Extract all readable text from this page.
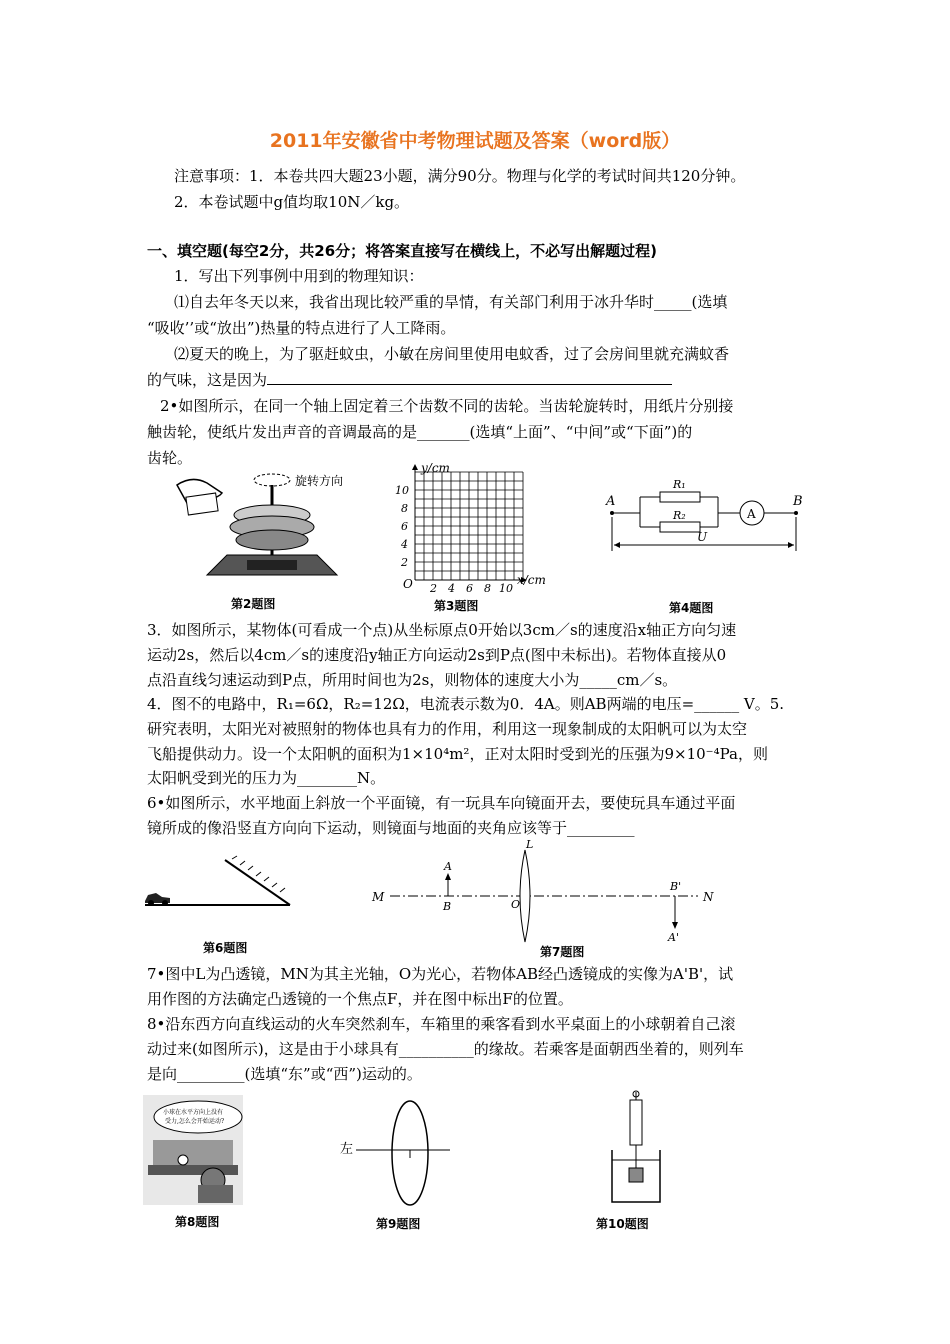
2011年安徽省中考物理试题及答案（word版）
注意事项：1．本卷共四大题23小题，满分90分。物理与化学的考试时间共120分钟。
2．本卷试题中g值均取10N／kg。
一、填空题(每空2分，共26分；将答案直接写在横线上，不必写出解题过程)
1．写出下列事例中用到的物理知识：
⑴自去年冬天以来，我省出现比较严重的旱情，有关部门利用于冰升华时_____(选填
“吸收’’或“放出”)热量的特点进行了人工降雨。
⑵夏天的晚上，为了驱赶蚊虫，小敏在房间里使用电蚊香，过了会房间里就充满蚊香
的气味，这是因为
2•如图所示，在同一个轴上固定着三个齿数不同的齿轮。当齿轮旋转时，用纸片分别接
触齿轮，使纸片发出声音的音调最高的是_______(选填“上面”、“中间”或“下面”)的
齿轮。
旋转方向
第2题图
y/cm
x/cm
O
10
8
6
4
2
2 4 6 8 10
第3题图
A	B
R₁
R₂	A
U
第4题图
3．如图所示，某物体(可看成一个点)从坐标原点0开始以3cm／s的速度沿x轴正方向匀速
运动2s，然后以4cm／s的速度沿y轴正方向运动2s到P点(图中未标出)。若物体直接从0
点沿直线匀速运动到P点，所用时间也为2s，则物体的速度大小为_____cm／s。
4．图不的电路中，R₁=6Ω，R₂=12Ω，电流表示数为0．4A。则AB两端的电压=______ V。5.
研究表明，太阳光对被照射的物体也具有力的作用，利用这一现象制成的太阳帆可以为太空
飞船提供动力。设一个太阳帆的面积为1×10⁴m²，正对太阳时受到光的压强为9×10⁻⁴Pa，则
太阳帆受到光的压力为________N。
6•如图所示，水平地面上斜放一个平面镜，有一玩具车向镜面开去，要使玩具车通过平面
镜所成的像沿竖直方向向下运动，则镜面与地面的夹角应该等于_________
第6题图
M	N
A
B
L
O
B'
A'
第7题图
7•图中L为凸透镜，MN为其主光轴，O为光心，若物体AB经凸透镜成的实像为A'B'，试
用作图的方法确定凸透镜的一个焦点F，并在图中标出F的位置。
8•沿东西方向直线运动的火车突然刹车，车箱里的乘客看到水平桌面上的小球朝着自己滚
动过来(如图所示)，这是由于小球具有__________的缘故。若乘客是面朝西坐着的，则列车
是向_________(选填“东”或“西”)运动的。
小球在水平方向上没有
受力,怎么会开始运动?
第8题图
左
第9题图	第10题图
